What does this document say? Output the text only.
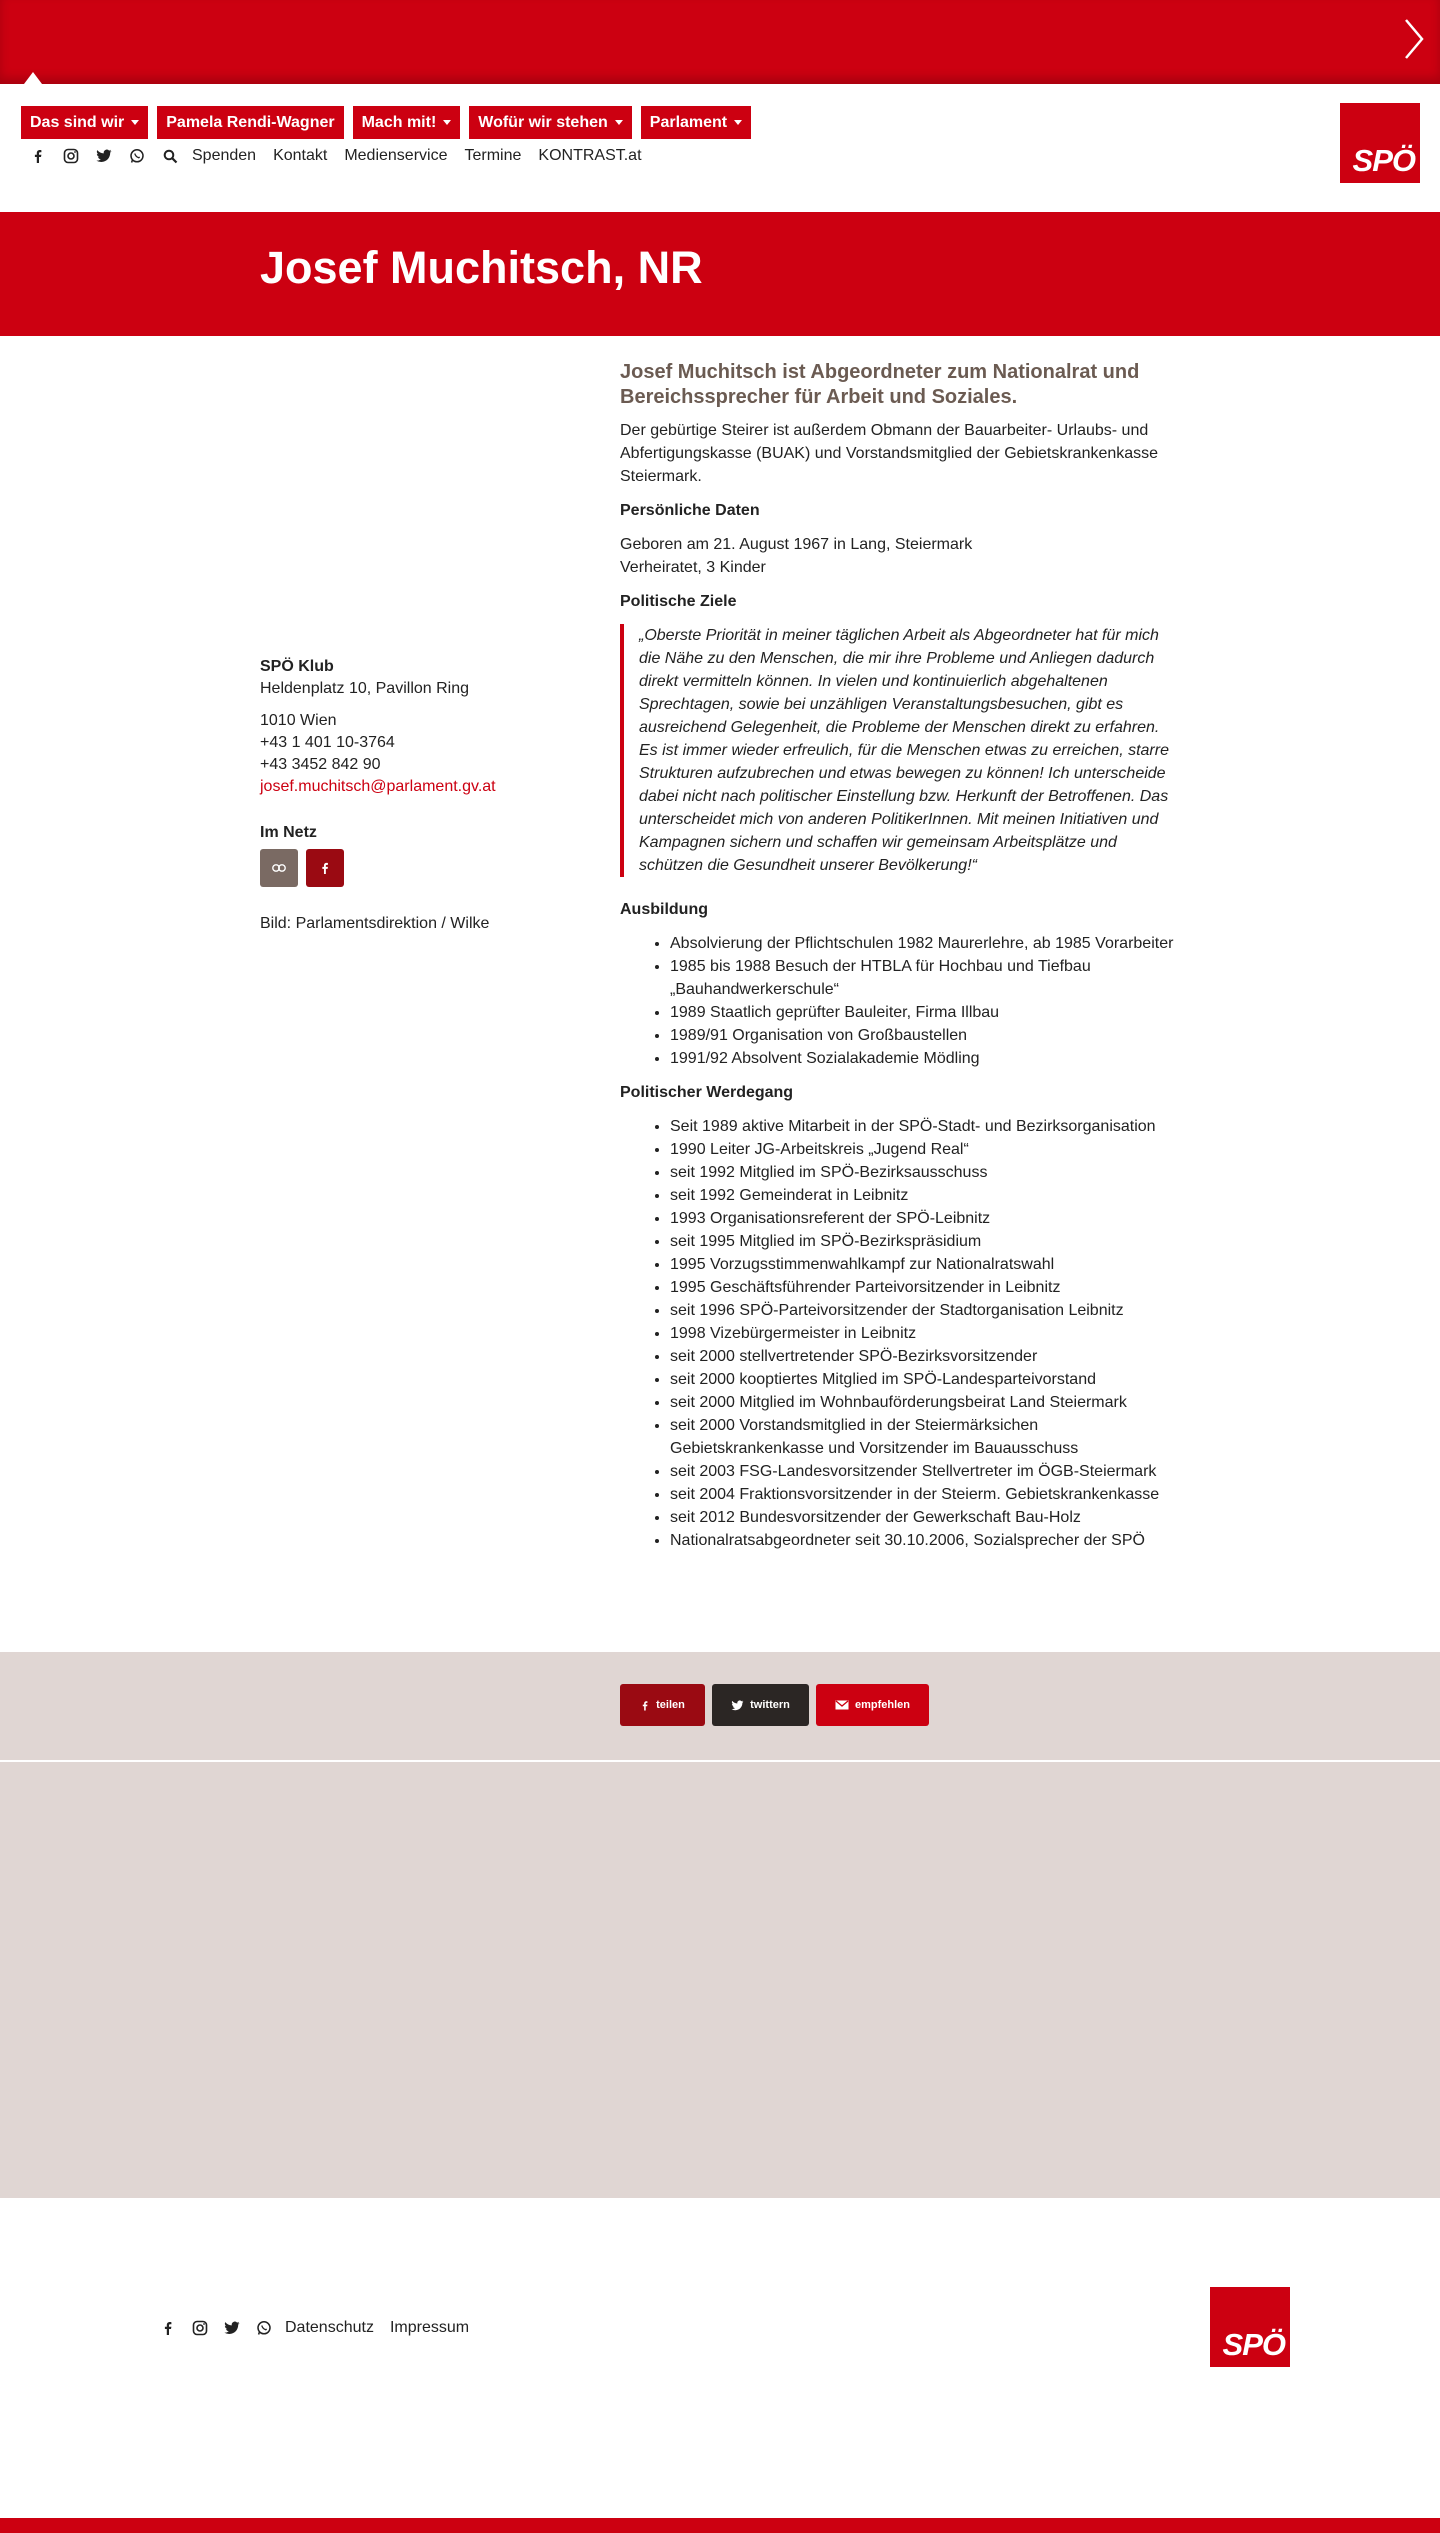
Das sind wir	Pamela Rendi-Wagner Mach mit!	Wofür wir stehen	Parlament
Spenden Kontakt Medienservice Termine KONTRAST.at	SPÖ
Josef Muchitsch, NR
SPÖ Klub
Heldenplatz 10, Pavillon Ring
1010 Wien
+43 1 401 10-3764
+43 3452 842 90
josef.muchitsch@parlament.gv.at
Im Netz
Bild: Parlamentsdirektion / Wilke
Josef Muchitsch ist Abgeordneter zum Nationalrat und Bereichssprecher für Arbeit und Soziales.

Der gebürtige Steirer ist außerdem Obmann der Bauarbeiter- Urlaubs- und Abfertigungskasse (BUAK) und Vorstandsmitglied der Gebietskrankenkasse Steiermark.

Persönliche Daten

Geboren am 21. August 1967 in Lang, Steiermark
Verheiratet, 3 Kinder

Politische Ziele
„Oberste Priorität in meiner täglichen Arbeit als Abgeordneter hat für mich die Nähe zu den Menschen, die mir ihre Probleme und Anliegen dadurch direkt vermitteln können. In vielen und kontinuierlich abgehaltenen Sprechtagen, sowie bei unzähligen Veranstaltungsbesuchen, gibt es ausreichend Gelegenheit, die Probleme der Menschen direkt zu erfahren. Es ist immer wieder erfreulich, für die Menschen etwas zu erreichen, starre Strukturen aufzubrechen und etwas bewegen zu können! Ich unterscheide dabei nicht nach politischer Einstellung bzw. Herkunft der Betroffenen. Das unterscheidet mich von anderen PolitikerInnen. Mit meinen Initiativen und Kampagnen sichern und schaffen wir gemeinsam Arbeitsplätze und schützen die Gesundheit unserer Bevölkerung!“
Ausbildung
• Absolvierung der Pflichtschulen 1982 Maurerlehre, ab 1985 Vorarbeiter
• 1985 bis 1988 Besuch der HTBLA für Hochbau und Tiefbau „Bauhandwerkerschule“
• 1989 Staatlich geprüfter Bauleiter, Firma Illbau
• 1989/91 Organisation von Großbaustellen
• 1991/92 Absolvent Sozialakademie Mödling
Politischer Werdegang
• Seit 1989 aktive Mitarbeit in der SPÖ-Stadt- und Bezirksorganisation
• 1990 Leiter JG-Arbeitskreis „Jugend Real“
• seit 1992 Mitglied im SPÖ-Bezirksausschuss
• seit 1992 Gemeinderat in Leibnitz
• 1993 Organisationsreferent der SPÖ-Leibnitz
• seit 1995 Mitglied im SPÖ-Bezirkspräsidium
• 1995 Vorzugsstimmenwahlkampf zur Nationalratswahl
• 1995 Geschäftsführender Parteivorsitzender in Leibnitz
• seit 1996 SPÖ-Parteivorsitzender der Stadtorganisation Leibnitz
• 1998 Vizebürgermeister in Leibnitz
• seit 2000 stellvertretender SPÖ-Bezirksvorsitzender
• seit 2000 kooptiertes Mitglied im SPÖ-Landesparteivorstand
• seit 2000 Mitglied im Wohnbauförderungsbeirat Land Steiermark
• seit 2000 Vorstandsmitglied in der Steiermärksichen Gebietskrankenkasse und Vorsitzender im Bauausschuss
• seit 2003 FSG-Landesvorsitzender Stellvertreter im ÖGB-Steiermark
• seit 2004 Fraktionsvorsitzender in der Steierm. Gebietskrankenkasse
• seit 2012 Bundesvorsitzender der Gewerkschaft Bau-Holz
• Nationalratsabgeordneter seit 30.10.2006, Sozialsprecher der SPÖ
teilen	twittern	empfehlen
Datenschutz Impressum	SPÖ
